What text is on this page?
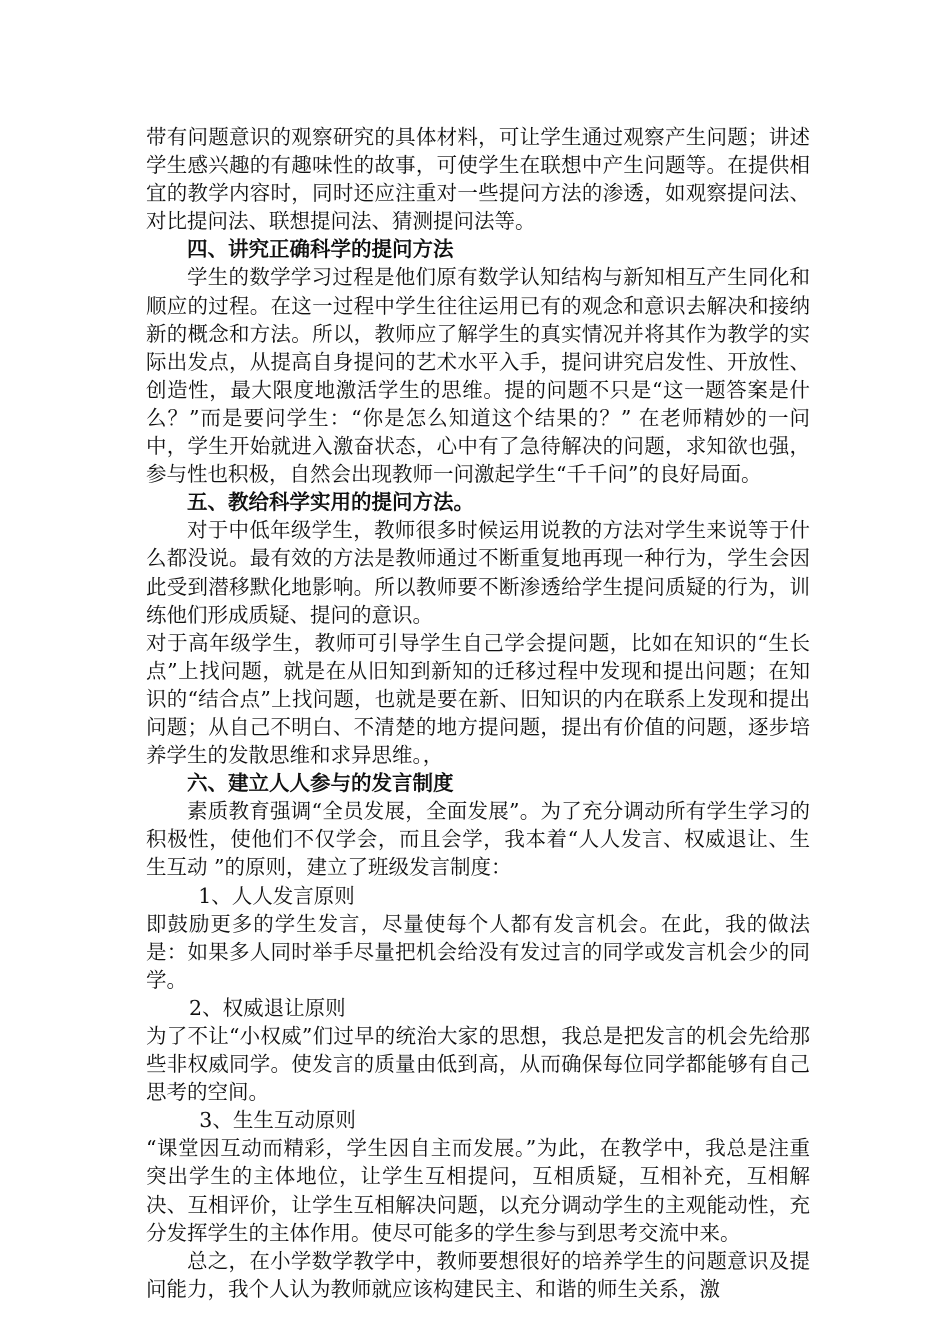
带有问题意识的观察研究的具体材料，可让学生通过观察产生问题；讲述学生感兴趣的有趣味性的故事，可使学生在联想中产生问题等。在提供相宜的教学内容时，同时还应注重对一些提问方法的渗透，如观察提问法、对比提问法、联想提问法、猜测提问法等。

四、讲究正确科学的提问方法

学生的数学学习过程是他们原有数学认知结构与新知相互产生同化和顺应的过程。在这一过程中学生往往运用已有的观念和意识去解决和接纳新的概念和方法。所以，教师应了解学生的真实情况并将其作为教学的实际出发点，从提高自身提问的艺术水平入手，提问讲究启发性、开放性、创造性，最大限度地激活学生的思维。提的问题不只是“这一题答案是什么？”而是要问学生：“你是怎么知道这个结果的？” 在老师精妙的一问中，学生开始就进入激奋状态，心中有了急待解决的问题，求知欲也强，参与性也积极，自然会出现教师一问激起学生“千千问”的良好局面。

五、教给科学实用的提问方法。

对于中低年级学生，教师很多时候运用说教的方法对学生来说等于什么都没说。最有效的方法是教师通过不断重复地再现一种行为，学生会因此受到潜移默化地影响。所以教师要不断渗透给学生提问质疑的行为，训练他们形成质疑、提问的意识。

对于高年级学生，教师可引导学生自己学会提问题，比如在知识的“生长点”上找问题，就是在从旧知到新知的迁移过程中发现和提出问题；在知识的“结合点”上找问题，也就是要在新、旧知识的内在联系上发现和提出问题；从自己不明白、不清楚的地方提问题，提出有价值的问题，逐步培养学生的发散思维和求异思维。，

六、建立人人参与的发言制度

素质教育强调“全员发展，全面发展”。为了充分调动所有学生学习的积极性，使他们不仅学会，而且会学，我本着“人人发言、权威退让、生生互动 ”的原则，建立了班级发言制度：

1、人人发言原则

即鼓励更多的学生发言，尽量使每个人都有发言机会。在此，我的做法是：如果多人同时举手尽量把机会给没有发过言的同学或发言机会少的同学。

2、权威退让原则

为了不让“小权威”们过早的统治大家的思想，我总是把发言的机会先给那些非权威同学。使发言的质量由低到高，从而确保每位同学都能够有自己思考的空间。

3、生生互动原则

“课堂因互动而精彩，学生因自主而发展。”为此，在教学中，我总是注重突出学生的主体地位，让学生互相提问，互相质疑，互相补充，互相解决、互相评价，让学生互相解决问题，以充分调动学生的主观能动性，充分发挥学生的主体作用。使尽可能多的学生参与到思考交流中来。

总之，在小学数学教学中，教师要想很好的培养学生的问题意识及提问能力，我个人认为教师就应该构建民主、和谐的师生关系，激
